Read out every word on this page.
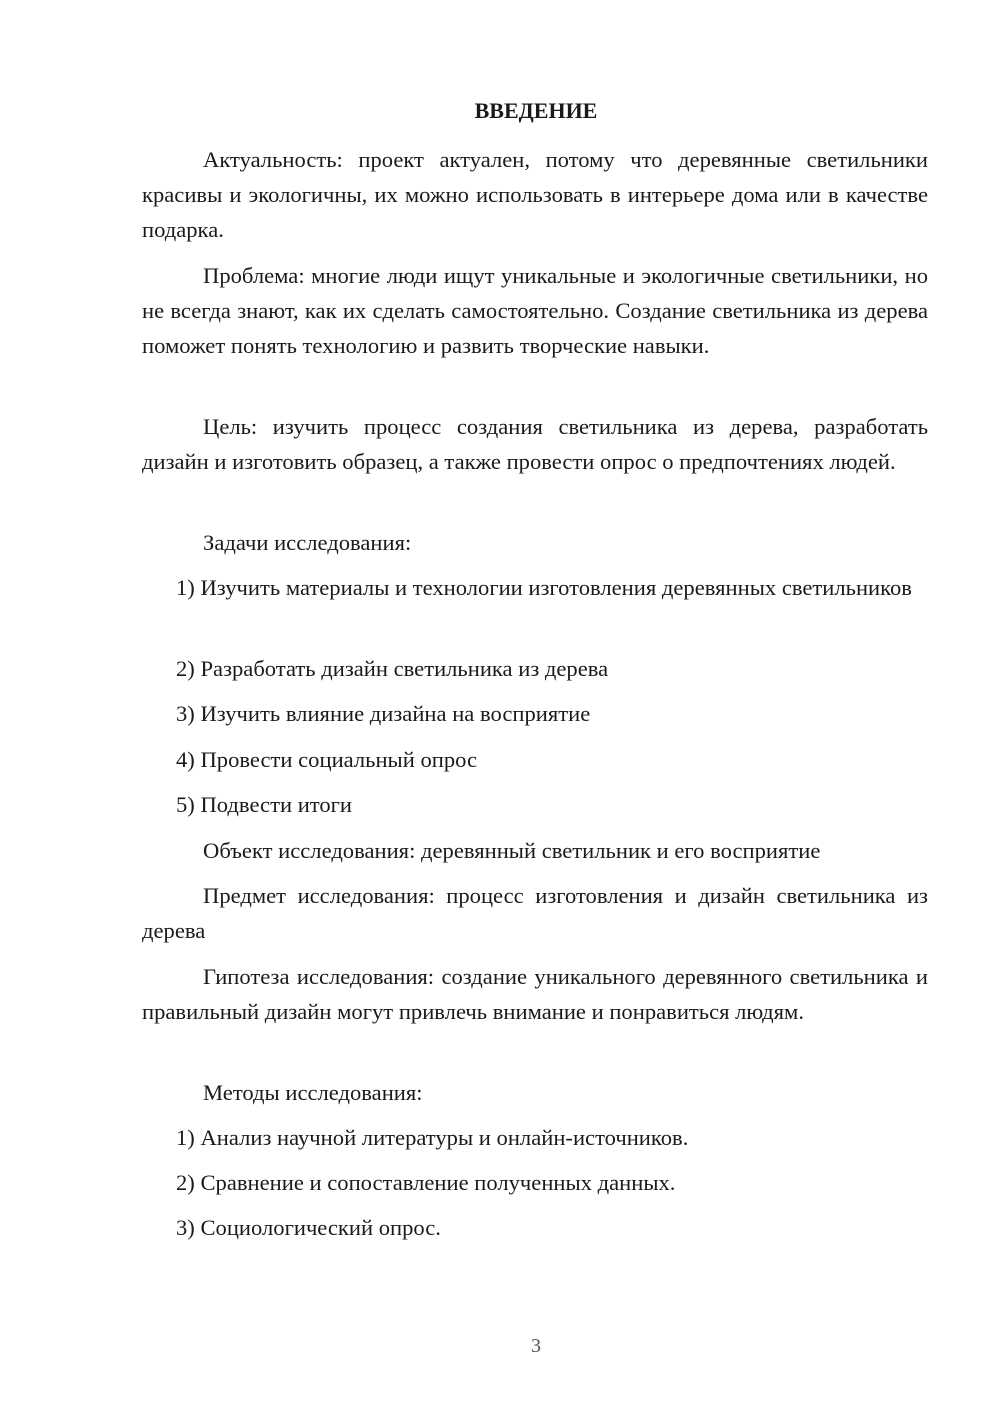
ВВЕДЕНИЕ

Актуальность: проект актуален, потому что деревянные светильники красивы и экологичны, их можно использовать в интерьере дома или в качестве подарка.

Проблема: многие люди ищут уникальные и экологичные светильники, но не всегда знают, как их сделать самостоятельно. Создание светильника из дерева поможет понять технологию и развить творческие навыки.

Цель: изучить процесс создания светильника из дерева, разработать дизайн и изготовить образец, а также провести опрос о предпочтениях людей.

Задачи исследования:

1) Изучить материалы и технологии изготовления деревянных светильников

2) Разработать дизайн светильника из дерева

3) Изучить влияние дизайна на восприятие

4) Провести социальный опрос

5) Подвести итоги

Объект исследования: деревянный светильник и его восприятие

Предмет исследования: процесс изготовления и дизайн светильника из дерева

Гипотеза исследования: создание уникального деревянного светильника и правильный дизайн могут привлечь внимание и понравиться людям.

Методы исследования:

1) Анализ научной литературы и онлайн-источников.

2) Сравнение и сопоставление полученных данных.

3) Социологический опрос.

3
